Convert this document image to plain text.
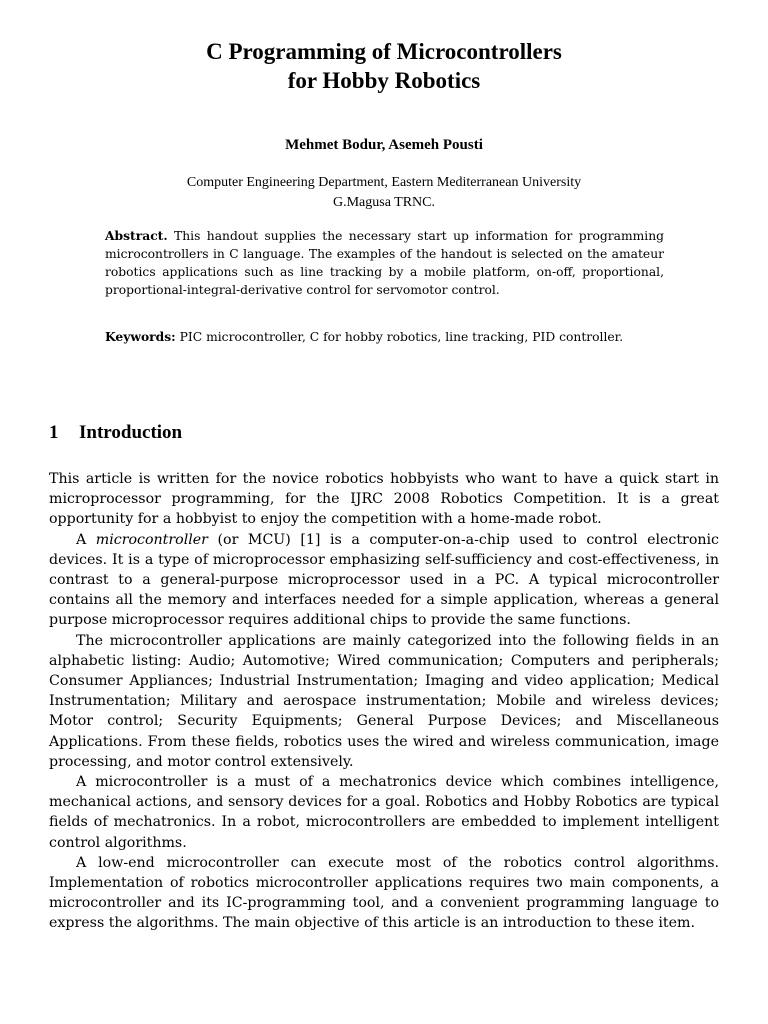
C Programming of Microcontrollers
for Hobby Robotics
Mehmet Bodur, Asemeh Pousti
Computer Engineering Department, Eastern Mediterranean University
G.Magusa TRNC.
Abstract. This handout supplies the necessary start up information for programming microcontrollers in C language. The examples of the handout is selected on the amateur robotics applications such as line tracking by a mobile platform, on-off, proportional, proportional-integral-derivative control for servomotor control.
Keywords: PIC microcontroller, C for hobby robotics, line tracking, PID controller.
1 Introduction

This article is written for the novice robotics hobbyists who want to have a quick start in microprocessor programming, for the IJRC 2008 Robotics Competition. It is a great opportunity for a hobbyist to enjoy the competition with a home-made robot.

A microcontroller (or MCU) [1] is a computer-on-a-chip used to control electronic devices. It is a type of microprocessor emphasizing self-sufficiency and cost-effectiveness, in contrast to a general-purpose microprocessor used in a PC. A typical microcontroller contains all the memory and interfaces needed for a simple application, whereas a general purpose microprocessor requires additional chips to provide the same functions.

The microcontroller applications are mainly categorized into the following fields in an alphabetic listing: Audio; Automotive; Wired communication; Computers and peripherals; Consumer Appliances; Industrial Instrumentation; Imaging and video application; Medical Instrumentation; Military and aerospace instrumentation; Mobile and wireless devices; Motor control; Security Equipments; General Purpose Devices; and Miscellaneous Applications. From these fields, robotics uses the wired and wireless communication, image processing, and motor control extensively.

A microcontroller is a must of a mechatronics device which combines intelligence, mechanical actions, and sensory devices for a goal. Robotics and Hobby Robotics are typical fields of mechatronics. In a robot, microcontrollers are embedded to implement intelligent control algorithms.

A low-end microcontroller can execute most of the robotics control algorithms. Implementation of robotics microcontroller applications requires two main components, a microcontroller and its IC-programming tool, and a convenient programming language to express the algorithms. The main objective of this article is an introduction to these item.
